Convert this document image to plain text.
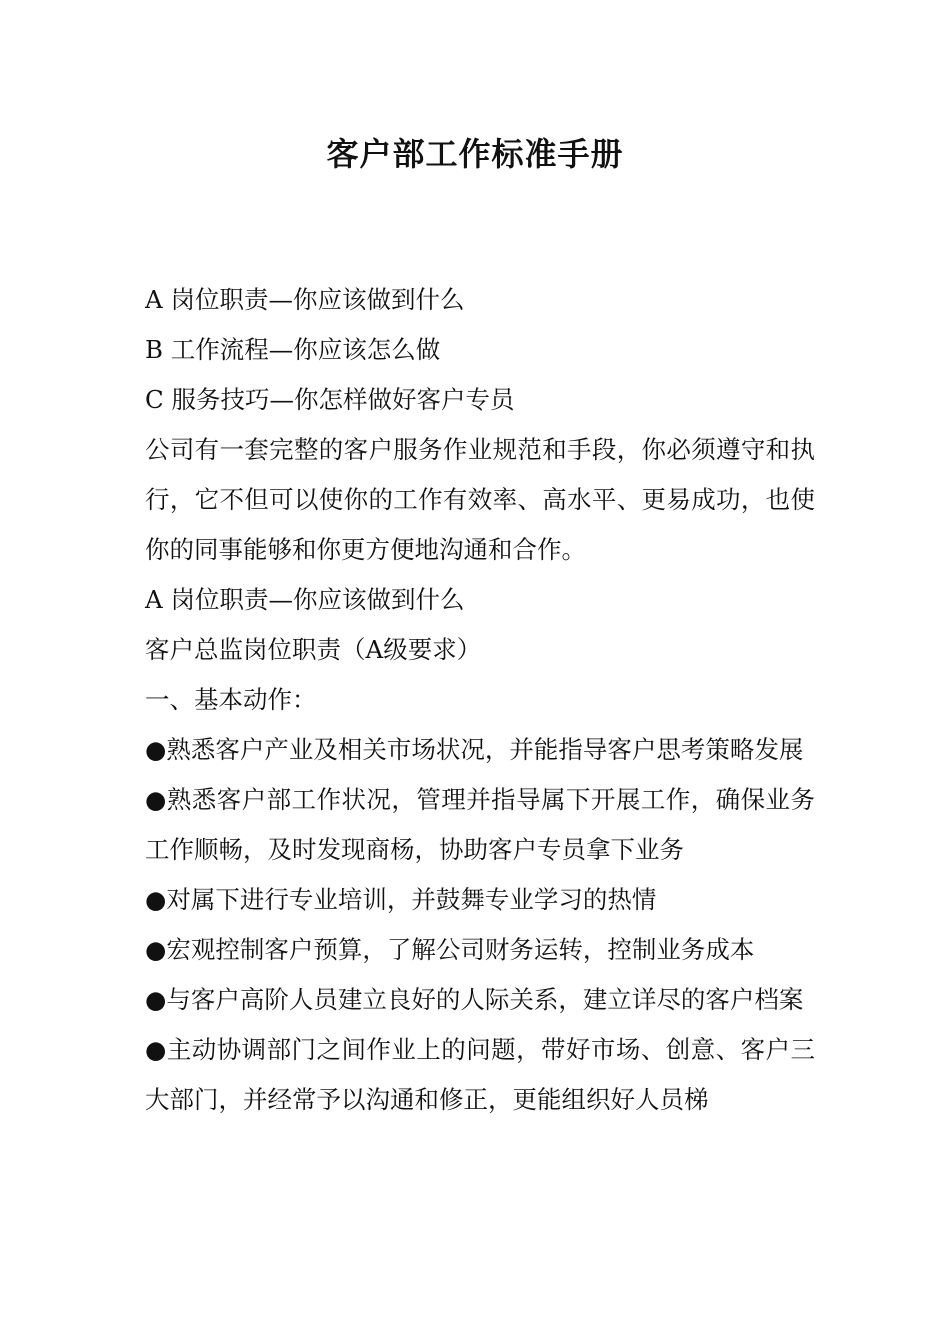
客户部工作标准手册

A 岗位职责—你应该做到什么

B 工作流程—你应该怎么做

C 服务技巧—你怎样做好客户专员

公司有一套完整的客户服务作业规范和手段，你必须遵守和执行，它不但可以使你的工作有效率、高水平、更易成功，也使你的同事能够和你更方便地沟通和合作。

A 岗位职责—你应该做到什么

客户总监岗位职责（A级要求）

一、基本动作：

●熟悉客户产业及相关市场状况，并能指导客户思考策略发展

●熟悉客户部工作状况，管理并指导属下开展工作，确保业务工作顺畅，及时发现商杨，协助客户专员拿下业务

●对属下进行专业培训，并鼓舞专业学习的热情

●宏观控制客户预算，了解公司财务运转，控制业务成本

●与客户高阶人员建立良好的人际关系，建立详尽的客户档案

●主动协调部门之间作业上的问题，带好市场、创意、客户三大部门，并经常予以沟通和修正，更能组织好人员梯
